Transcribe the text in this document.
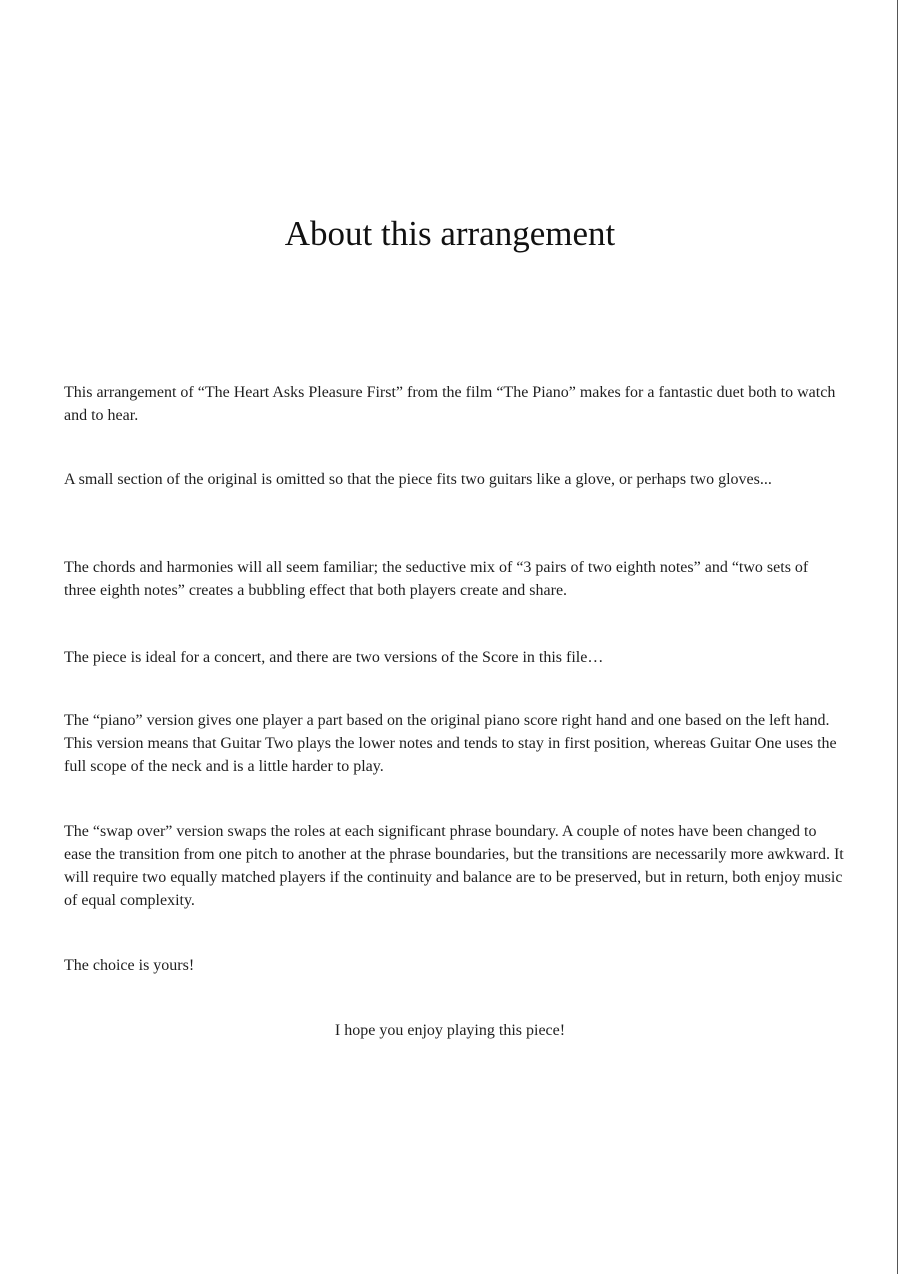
About this arrangement

This arrangement of “The Heart Asks Pleasure First” from the film “The Piano” makes for a fantastic duet both to watch and to hear.

A small section of the original is omitted so that the piece fits two guitars like a glove, or perhaps two gloves...

The chords and harmonies will all seem familiar; the seductive mix of “3 pairs of two eighth notes” and “two sets of three eighth notes” creates a bubbling effect that both players create and share.

The piece is ideal for a concert, and there are two versions of the Score in this file…

The “piano” version gives one player a part based on the original piano score right hand and one based on the left hand. This version means that Guitar Two plays the lower notes and tends to stay in first position, whereas Guitar One uses the full scope of the neck and is a little harder to play.

The “swap over” version swaps the roles at each significant phrase boundary. A couple of notes have been changed to ease the transition from one pitch to another at the phrase boundaries, but the transitions are necessarily more awkward. It will require two equally matched players if the continuity and balance are to be preserved, but in return, both enjoy music of equal complexity.

The choice is yours!

I hope you enjoy playing this piece!
